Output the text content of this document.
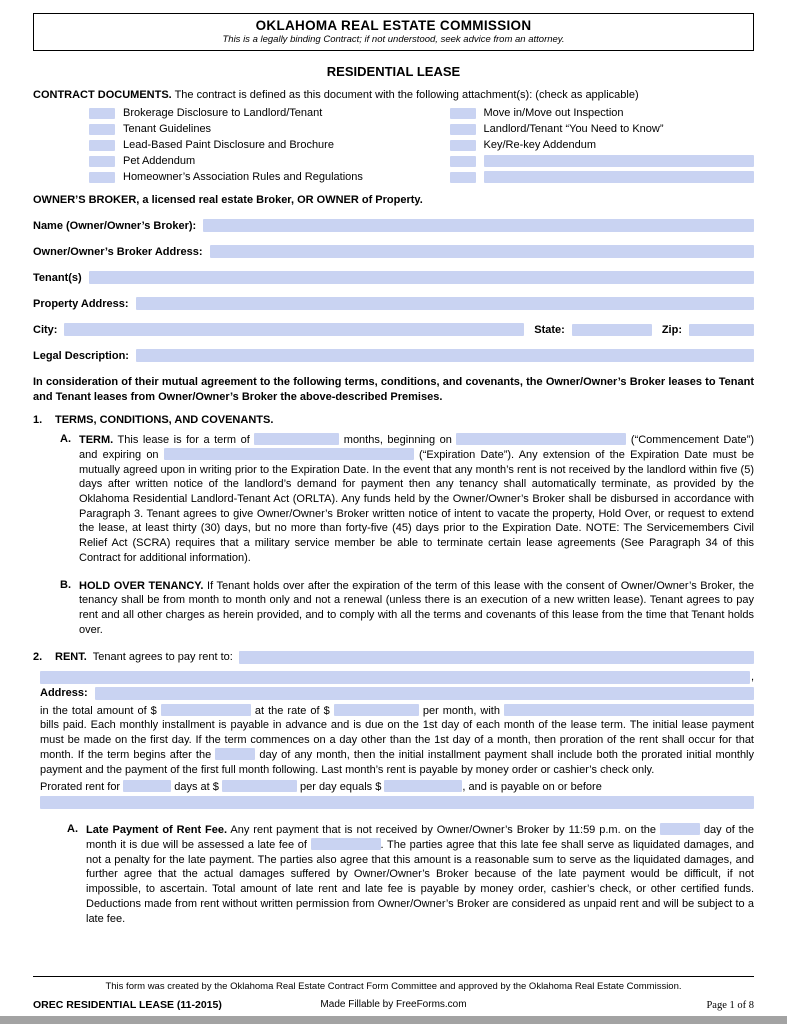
OKLAHOMA REAL ESTATE COMMISSION
This is a legally binding Contract; if not understood, seek advice from an attorney.
RESIDENTIAL LEASE
CONTRACT DOCUMENTS. The contract is defined as this document with the following attachment(s): (check as applicable)
Brokerage Disclosure to Landlord/Tenant
Tenant Guidelines
Lead-Based Paint Disclosure and Brochure
Pet Addendum
Homeowner’s Association Rules and Regulations
Move in/Move out Inspection
Landlord/Tenant “You Need to Know”
Key/Re-key Addendum
OWNER’S BROKER, a licensed real estate Broker, OR OWNER of Property.
Name (Owner/Owner’s Broker):
Owner/Owner’s Broker Address:
Tenant(s)
Property Address:
City:	State:	Zip:
Legal Description:

In consideration of their mutual agreement to the following terms, conditions, and covenants, the Owner/Owner’s Broker leases to Tenant and Tenant leases from Owner/Owner’s Broker the above-described Premises.

1.	TERMS, CONDITIONS, AND COVENANTS.
A. TERM. This lease is for a term of	months, beginning on	(“Commencement Date”) and expiring on	(“Expiration Date”). Any extension of the Expiration Date must be mutually agreed upon in writing prior to the Expiration Date. In the event that any month’s rent is not received by the landlord within five (5) days after written notice of the landlord’s demand for payment then any tenancy shall automatically terminate, as provided by the Oklahoma Residential Landlord-Tenant Act (ORLTA). Any funds held by the Owner/Owner’s Broker shall be disbursed in accordance with Paragraph 3. Tenant agrees to give Owner/Owner’s Broker written notice of intent to vacate the property, Hold Over, or request to extend the lease, at least thirty (30) days, but no more than forty-five (45) days prior to the Expiration Date. NOTE: The Servicemembers Civil Relief Act (SCRA) requires that a military service member be able to terminate certain lease agreements (See Paragraph 34 of this Contract for additional information).
B. HOLD OVER TENANCY. If Tenant holds over after the expiration of the term of this lease with the consent of Owner/Owner’s Broker, the tenancy shall be from month to month only and not a renewal (unless there is an execution of a new written lease). Tenant agrees to pay rent and all other charges as herein provided, and to comply with all the terms and covenants of this lease from the time that Tenant holds over.
2.	RENT. Tenant agrees to pay rent to:
,
Address:

in the total amount of $	at the rate of $	per month, with  bills paid. Each monthly installment is payable in advance and is due on the 1st day of each month of the lease term. The initial lease payment must be made on the first day. If the term commences on a day other than the 1st day of a month, then proration of the rent shall occur for that month. If the term begins after the	day of any month, then the initial installment payment shall include both the prorated initial monthly payment and the payment of the first full month following. Last month’s rent is payable by money order or cashier’s check only.

Prorated rent for	days at $	per day equals $	, and is payable on or before

A. Late Payment of Rent Fee. Any rent payment that is not received by Owner/Owner’s Broker by 11:59 p.m. on the	day of the month it is due will be assessed a late fee of	. The parties agree that this late fee shall serve as liquidated damages, and not a penalty for the late payment. The parties also agree that this amount is a reasonable sum to serve as the liquidated damages, and further agree that the actual damages suffered by Owner/Owner’s Broker because of the late payment would be difficult, if not impossible, to ascertain. Total amount of late rent and late fee is payable by money order, cashier’s check, or other certified funds. Deductions made from rent without written permission from Owner/Owner’s Broker are considered as unpaid rent and will be subject to a late fee.
This form was created by the Oklahoma Real Estate Contract Form Committee and approved by the Oklahoma Real Estate Commission.
OREC RESIDENTIAL LEASE (11-2015)	Made Fillable by FreeForms.com	Page 1 of 8
